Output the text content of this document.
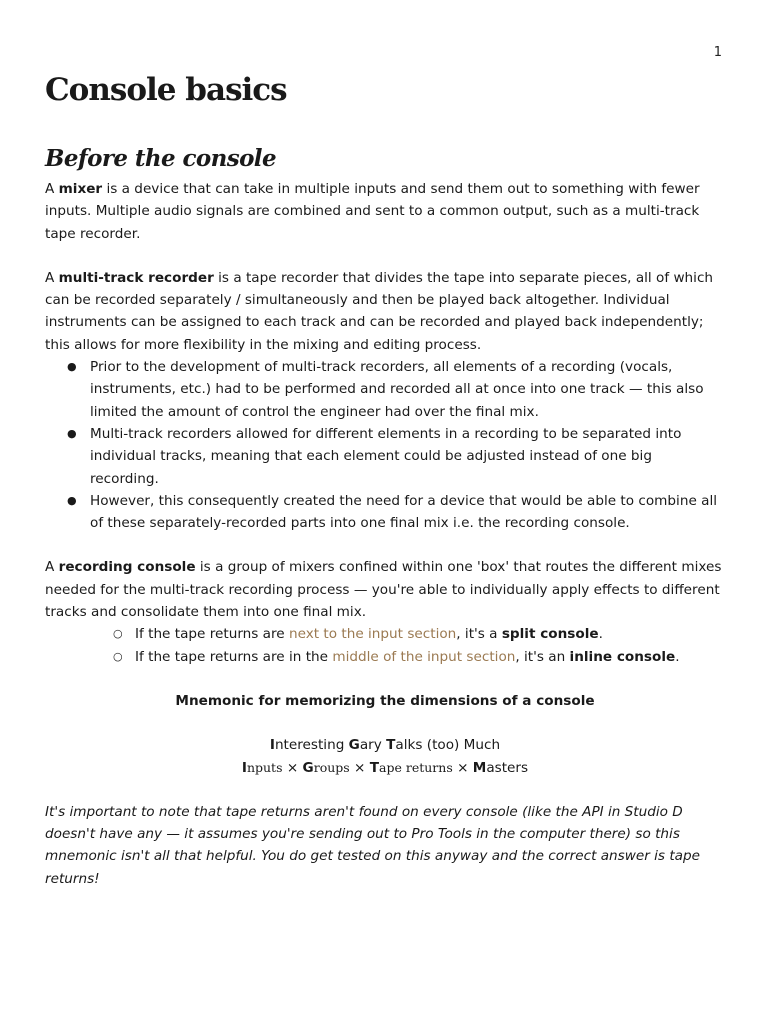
1
Console basics
Before the console

A mixer is a device that can take in multiple inputs and send them out to something with fewer inputs. Multiple audio signals are combined and sent to a common output, such as a multi-track tape recorder.

A multi-track recorder is a tape recorder that divides the tape into separate pieces, all of which can be recorded separately / simultaneously and then be played back altogether. Individual instruments can be assigned to each track and can be recorded and played back independently; this allows for more flexibility in the mixing and editing process.

● Prior to the development of multi-track recorders, all elements of a recording (vocals, instruments, etc.) had to be performed and recorded all at once into one track — this also limited the amount of control the engineer had over the final mix.
● Multi-track recorders allowed for different elements in a recording to be separated into individual tracks, meaning that each element could be adjusted instead of one big recording.
● However, this consequently created the need for a device that would be able to combine all of these separately-recorded parts into one final mix i.e. the recording console.

A recording console is a group of mixers confined within one 'box' that routes the different mixes needed for the multi-track recording process — you're able to individually apply effects to different tracks and consolidate them into one final mix.

○ If the tape returns are next to the input section, it's a split console.
○ If the tape returns are in the middle of the input section, it's an inline console.

Mnemonic for memorizing the dimensions of a console

Interesting Gary Talks (too) Much

Inputs × Groups × Tape returns × Masters

It's important to note that tape returns aren't found on every console (like the API in Studio D doesn't have any — it assumes you're sending out to Pro Tools in the computer there) so this mnemonic isn't all that helpful. You do get tested on this anyway and the correct answer is tape returns!
